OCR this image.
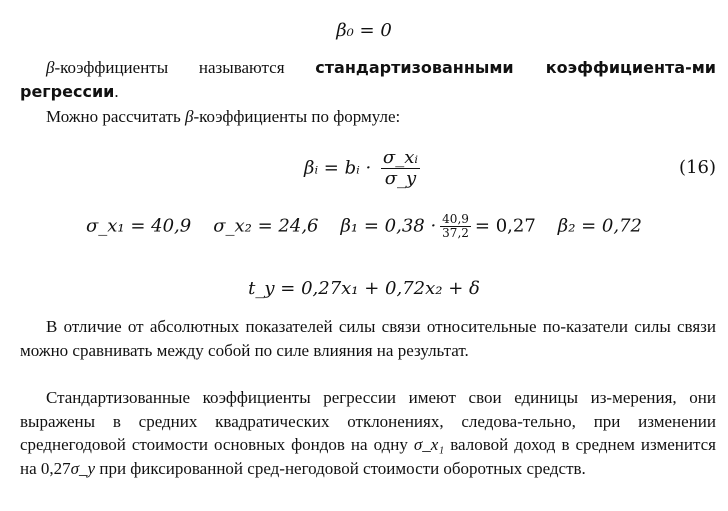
β₀ = 0
β-коэффициенты называются стандартизованными коэффициента-ми регрессии.
Можно рассчитать β-коэффициенты по формуле:
βᵢ = bᵢ · $\frac{\text{σ\_xᵢ}}{\sigma\_y}$	(16)
σ_x₁ = 40,9 σ_x₂ = 24,6 $\beta_1 = 0,38 \cdot \frac{40,9}{37,2} = 0,27$ β₂ = 0,72
t_y = 0,27x₁ + 0,72x₂ + δ
В отличие от абсолютных показателей силы связи относительные по-казатели силы связи можно сравнивать между собой по силе влияния на результат.
Стандартизованные коэффициенты регрессии имеют свои единицы из-мерения, они выражены в средних квадратических отклонениях, следова-тельно, при изменении среднегодовой стоимости основных фондов на одну σ_x₁ валовой доход в среднем изменится на 0,27σ_y при фиксированной сред-негодовой стоимости оборотных средств.
